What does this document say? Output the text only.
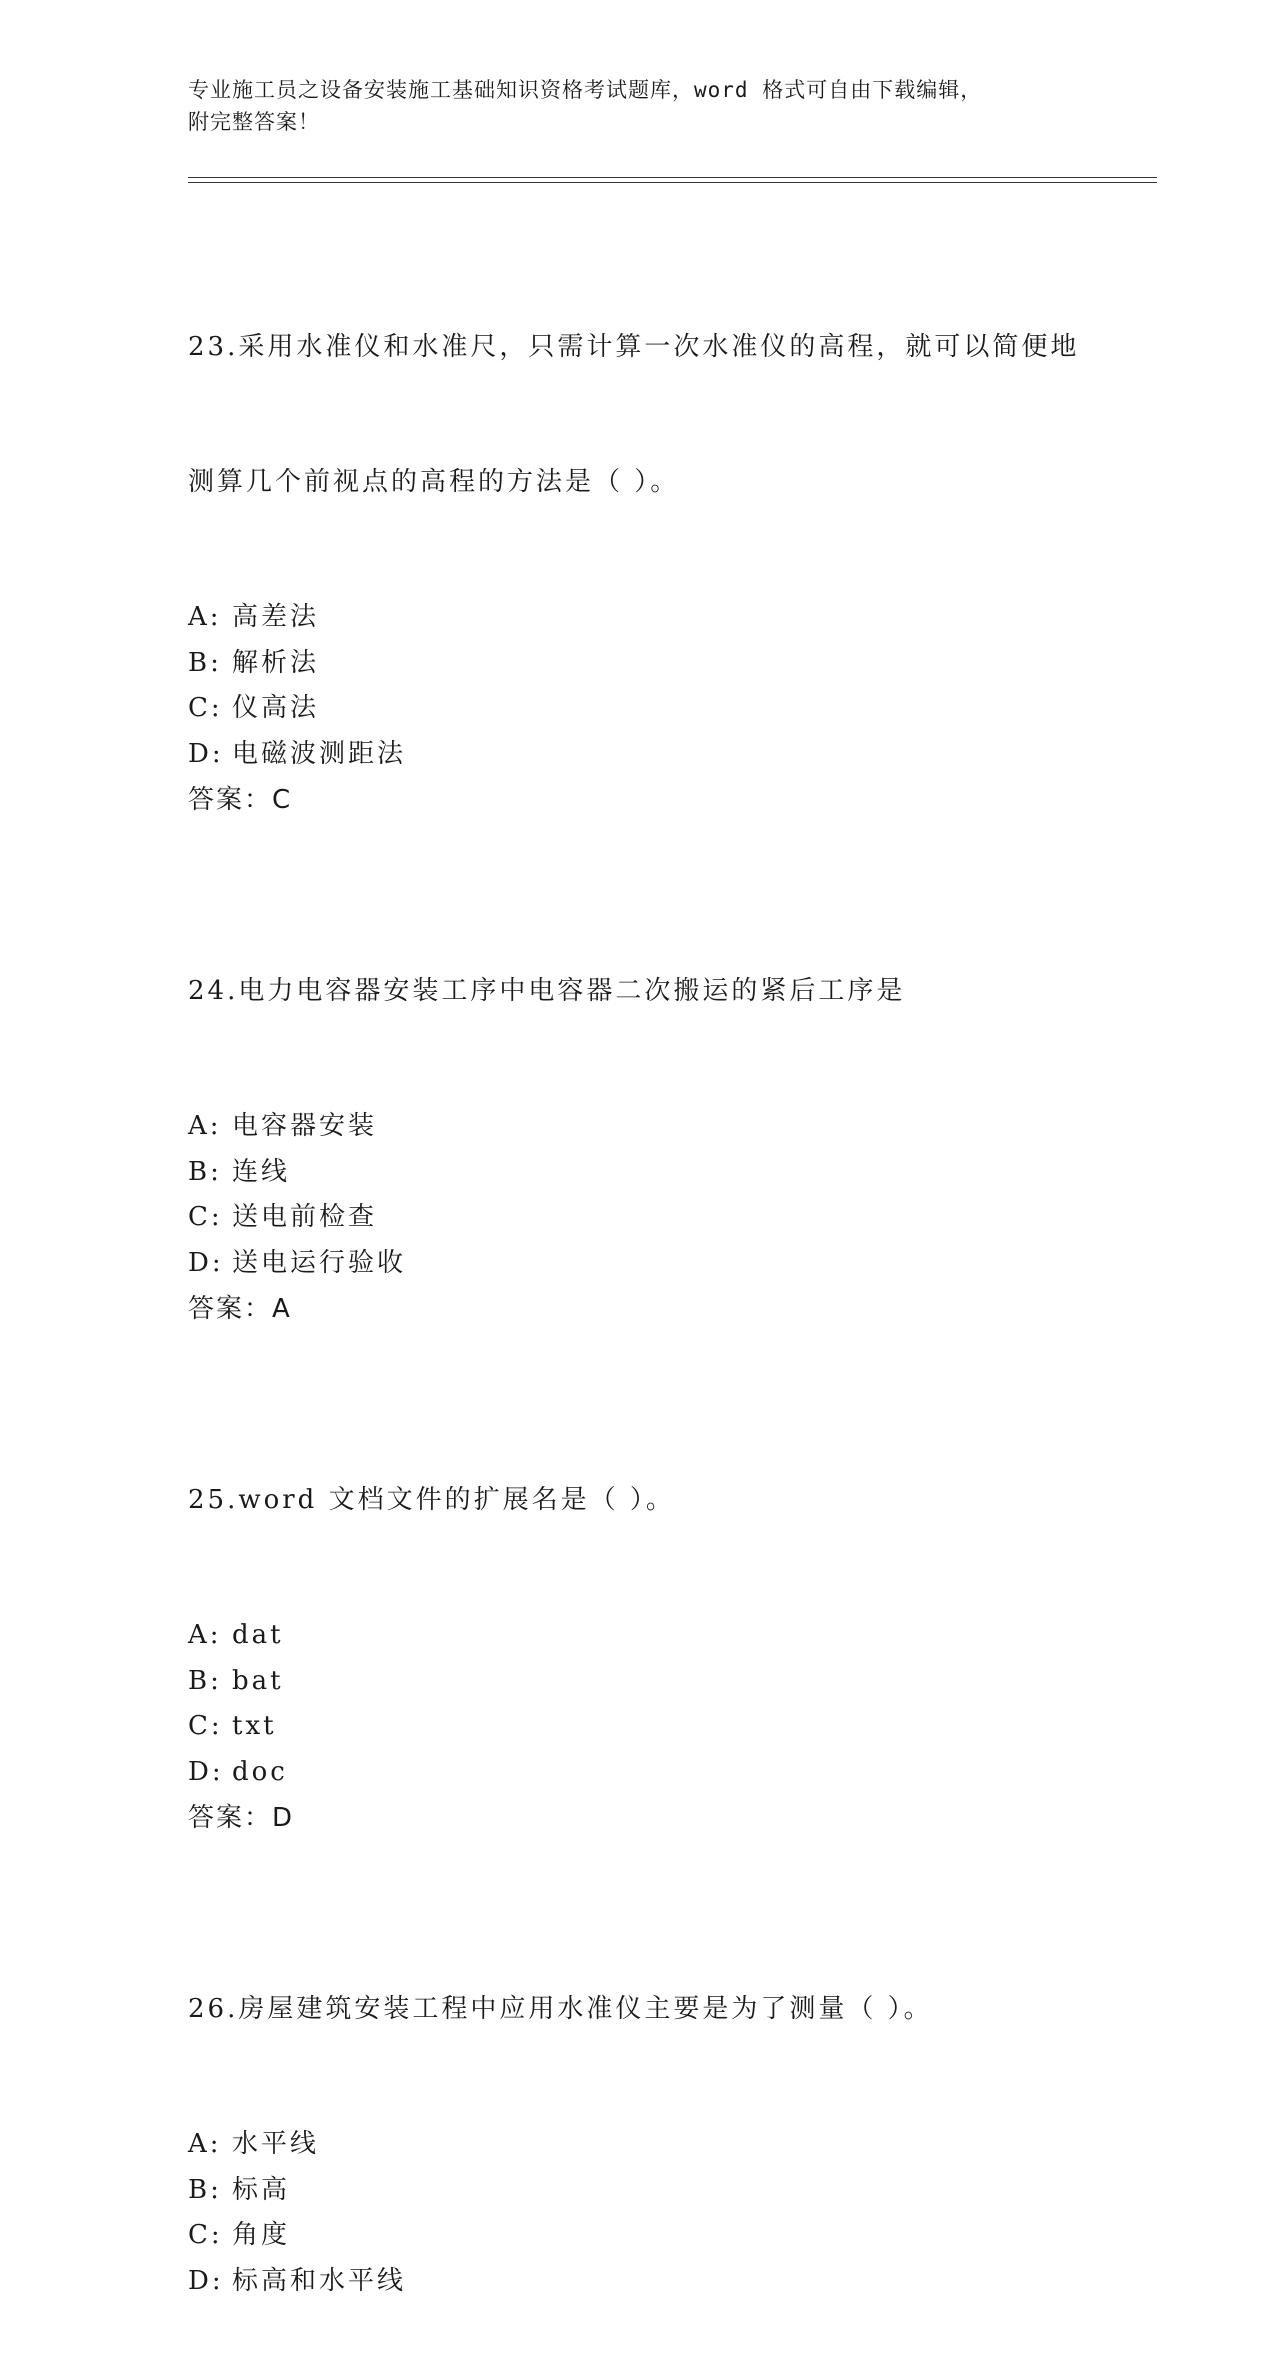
专业施工员之设备安装施工基础知识资格考试题库，word 格式可自由下载编辑，
附完整答案！

23.采用水准仪和水准尺，只需计算一次水准仪的高程，就可以简便地

测算几个前视点的高程的方法是（ ）。

A: 高差法
B: 解析法
C: 仪高法
D: 电磁波测距法
答案：C

24.电力电容器安装工序中电容器二次搬运的紧后工序是

A: 电容器安装
B: 连线
C: 送电前检查
D: 送电运行验收
答案：A

25.word 文档文件的扩展名是（ ）。

A: dat
B: bat
C: txt
D: doc
答案：D

26.房屋建筑安装工程中应用水准仪主要是为了测量（ ）。

A: 水平线
B: 标高
C: 角度
D: 标高和水平线
